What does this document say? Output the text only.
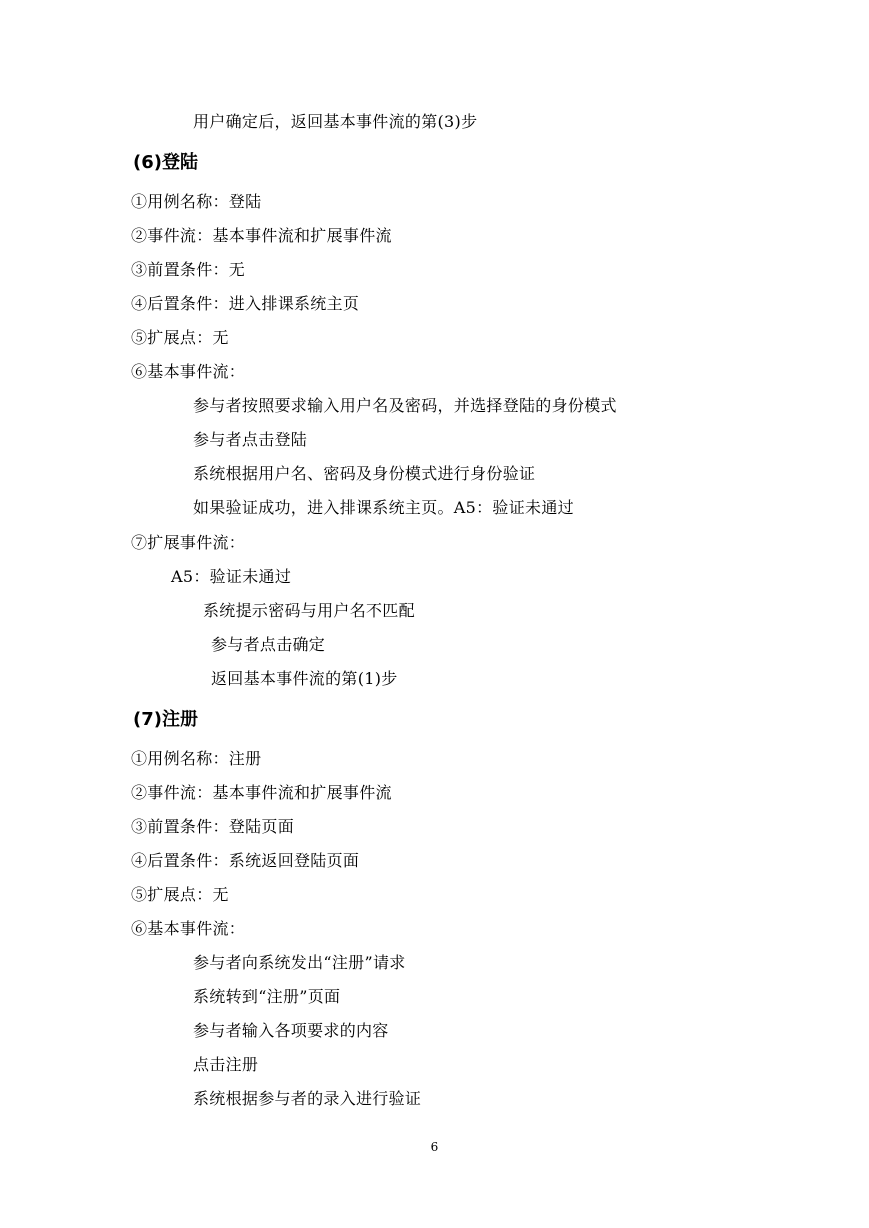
用户确定后，返回基本事件流的第(3)步
(6)登陆
①用例名称：登陆
②事件流：基本事件流和扩展事件流
③前置条件：无
④后置条件：进入排课系统主页
⑤扩展点：无
⑥基本事件流：
参与者按照要求输入用户名及密码，并选择登陆的身份模式
参与者点击登陆
系统根据用户名、密码及身份模式进行身份验证
如果验证成功，进入排课系统主页。A5：验证未通过
⑦扩展事件流：
A5：验证未通过
系统提示密码与用户名不匹配
参与者点击确定
返回基本事件流的第(1)步
(7)注册
①用例名称：注册
②事件流：基本事件流和扩展事件流
③前置条件：登陆页面
④后置条件：系统返回登陆页面
⑤扩展点：无
⑥基本事件流：
参与者向系统发出“注册”请求
系统转到“注册”页面
参与者输入各项要求的内容
点击注册
系统根据参与者的录入进行验证
6
